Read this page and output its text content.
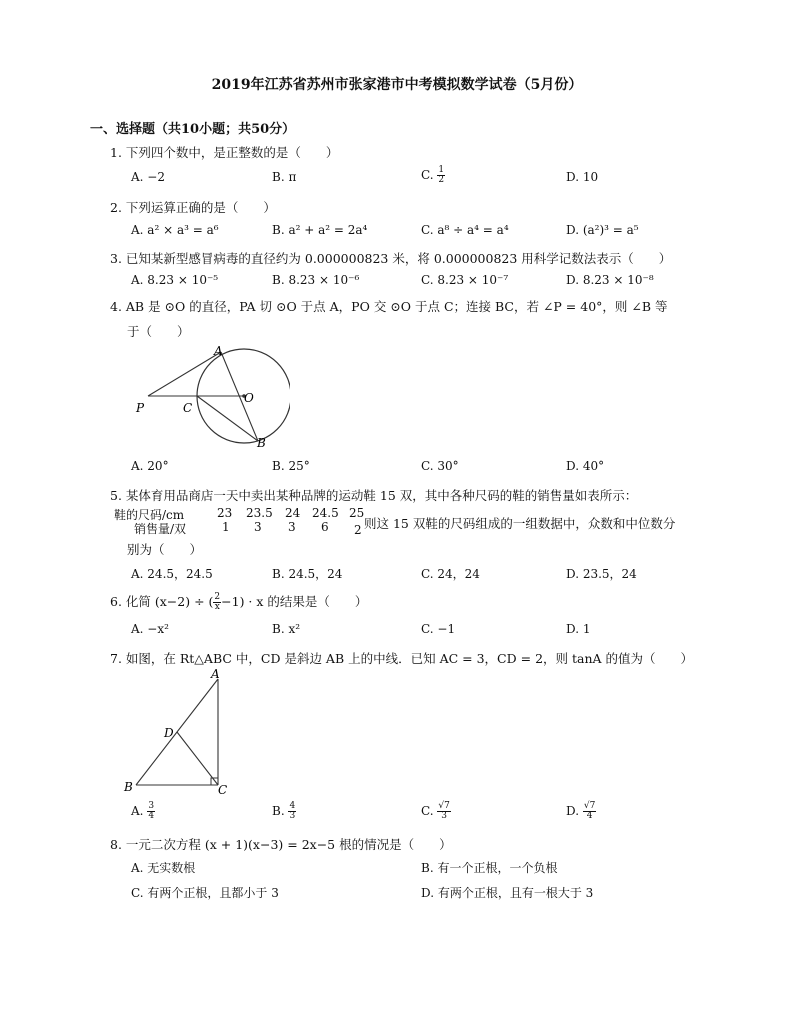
2019年江苏省苏州市张家港市中考模拟数学试卷（5月份）
一、选择题（共10小题；共50分）
1. 下列四个数中，是正整数的是（　　）
A. −2	B. π	C. $\frac{1}{2}$	D. 10
2. 下列运算正确的是（　　）
A. a² × a³ = a⁶	B. a² + a² = 2a⁴	C. a⁸ ÷ a⁴ = a⁴	D. (a²)³ = a⁵
3. 已知某新型感冒病毒的直径约为 0.000000823 米，将 0.000000823 用科学记数法表示（　　）
A. 8.23 × 10⁻⁵	B. 8.23 × 10⁻⁶	C. 8.23 × 10⁻⁷	D. 8.23 × 10⁻⁸
4. AB 是 ⊙O 的直径，PA 切 ⊙O 于点 A，PO 交 ⊙O 于点 C；连接 BC，若 ∠P = 40°，则 ∠B 等
于（　　）
A
O
P	C
B
A. 20°	B. 25°	C. 30°	D. 40°
5. 某体育用品商店一天中卖出某种品牌的运动鞋 15 双，其中各种尺码的鞋的销售量如表所示：
鞋的尺码/cm	23 23.5 24 24.5 25
销售量/双	1 3 3 6 2 则这 15 双鞋的尺码组成的一组数据中，众数和中位数分
别为（　　）
A. 24.5，24.5	B. 24.5，24	C. 24，24	D. 23.5，24
6. 化简 (x−2) ÷ ( $\frac{2}{x} -1) \cdot x$ 的结果是（　　）
A. −x²	B. x²	C. −1	D. 1
7. 如图，在 Rt△ABC 中，CD 是斜边 AB 上的中线．已知 AC = 3，CD = 2，则 tanA 的值为（　　）
A
D
B	C
A. $\frac{3}{4}$	B. $\frac{4}{3}$	C. $\frac{√7}{3}$	D. $\frac{√7}{4}$
8. 一元二次方程 (x + 1)(x−3) = 2x−5 根的情况是（　　）
A. 无实数根	B. 有一个正根，一个负根
C. 有两个正根，且都小于 3	D. 有两个正根，且有一根大于 3
